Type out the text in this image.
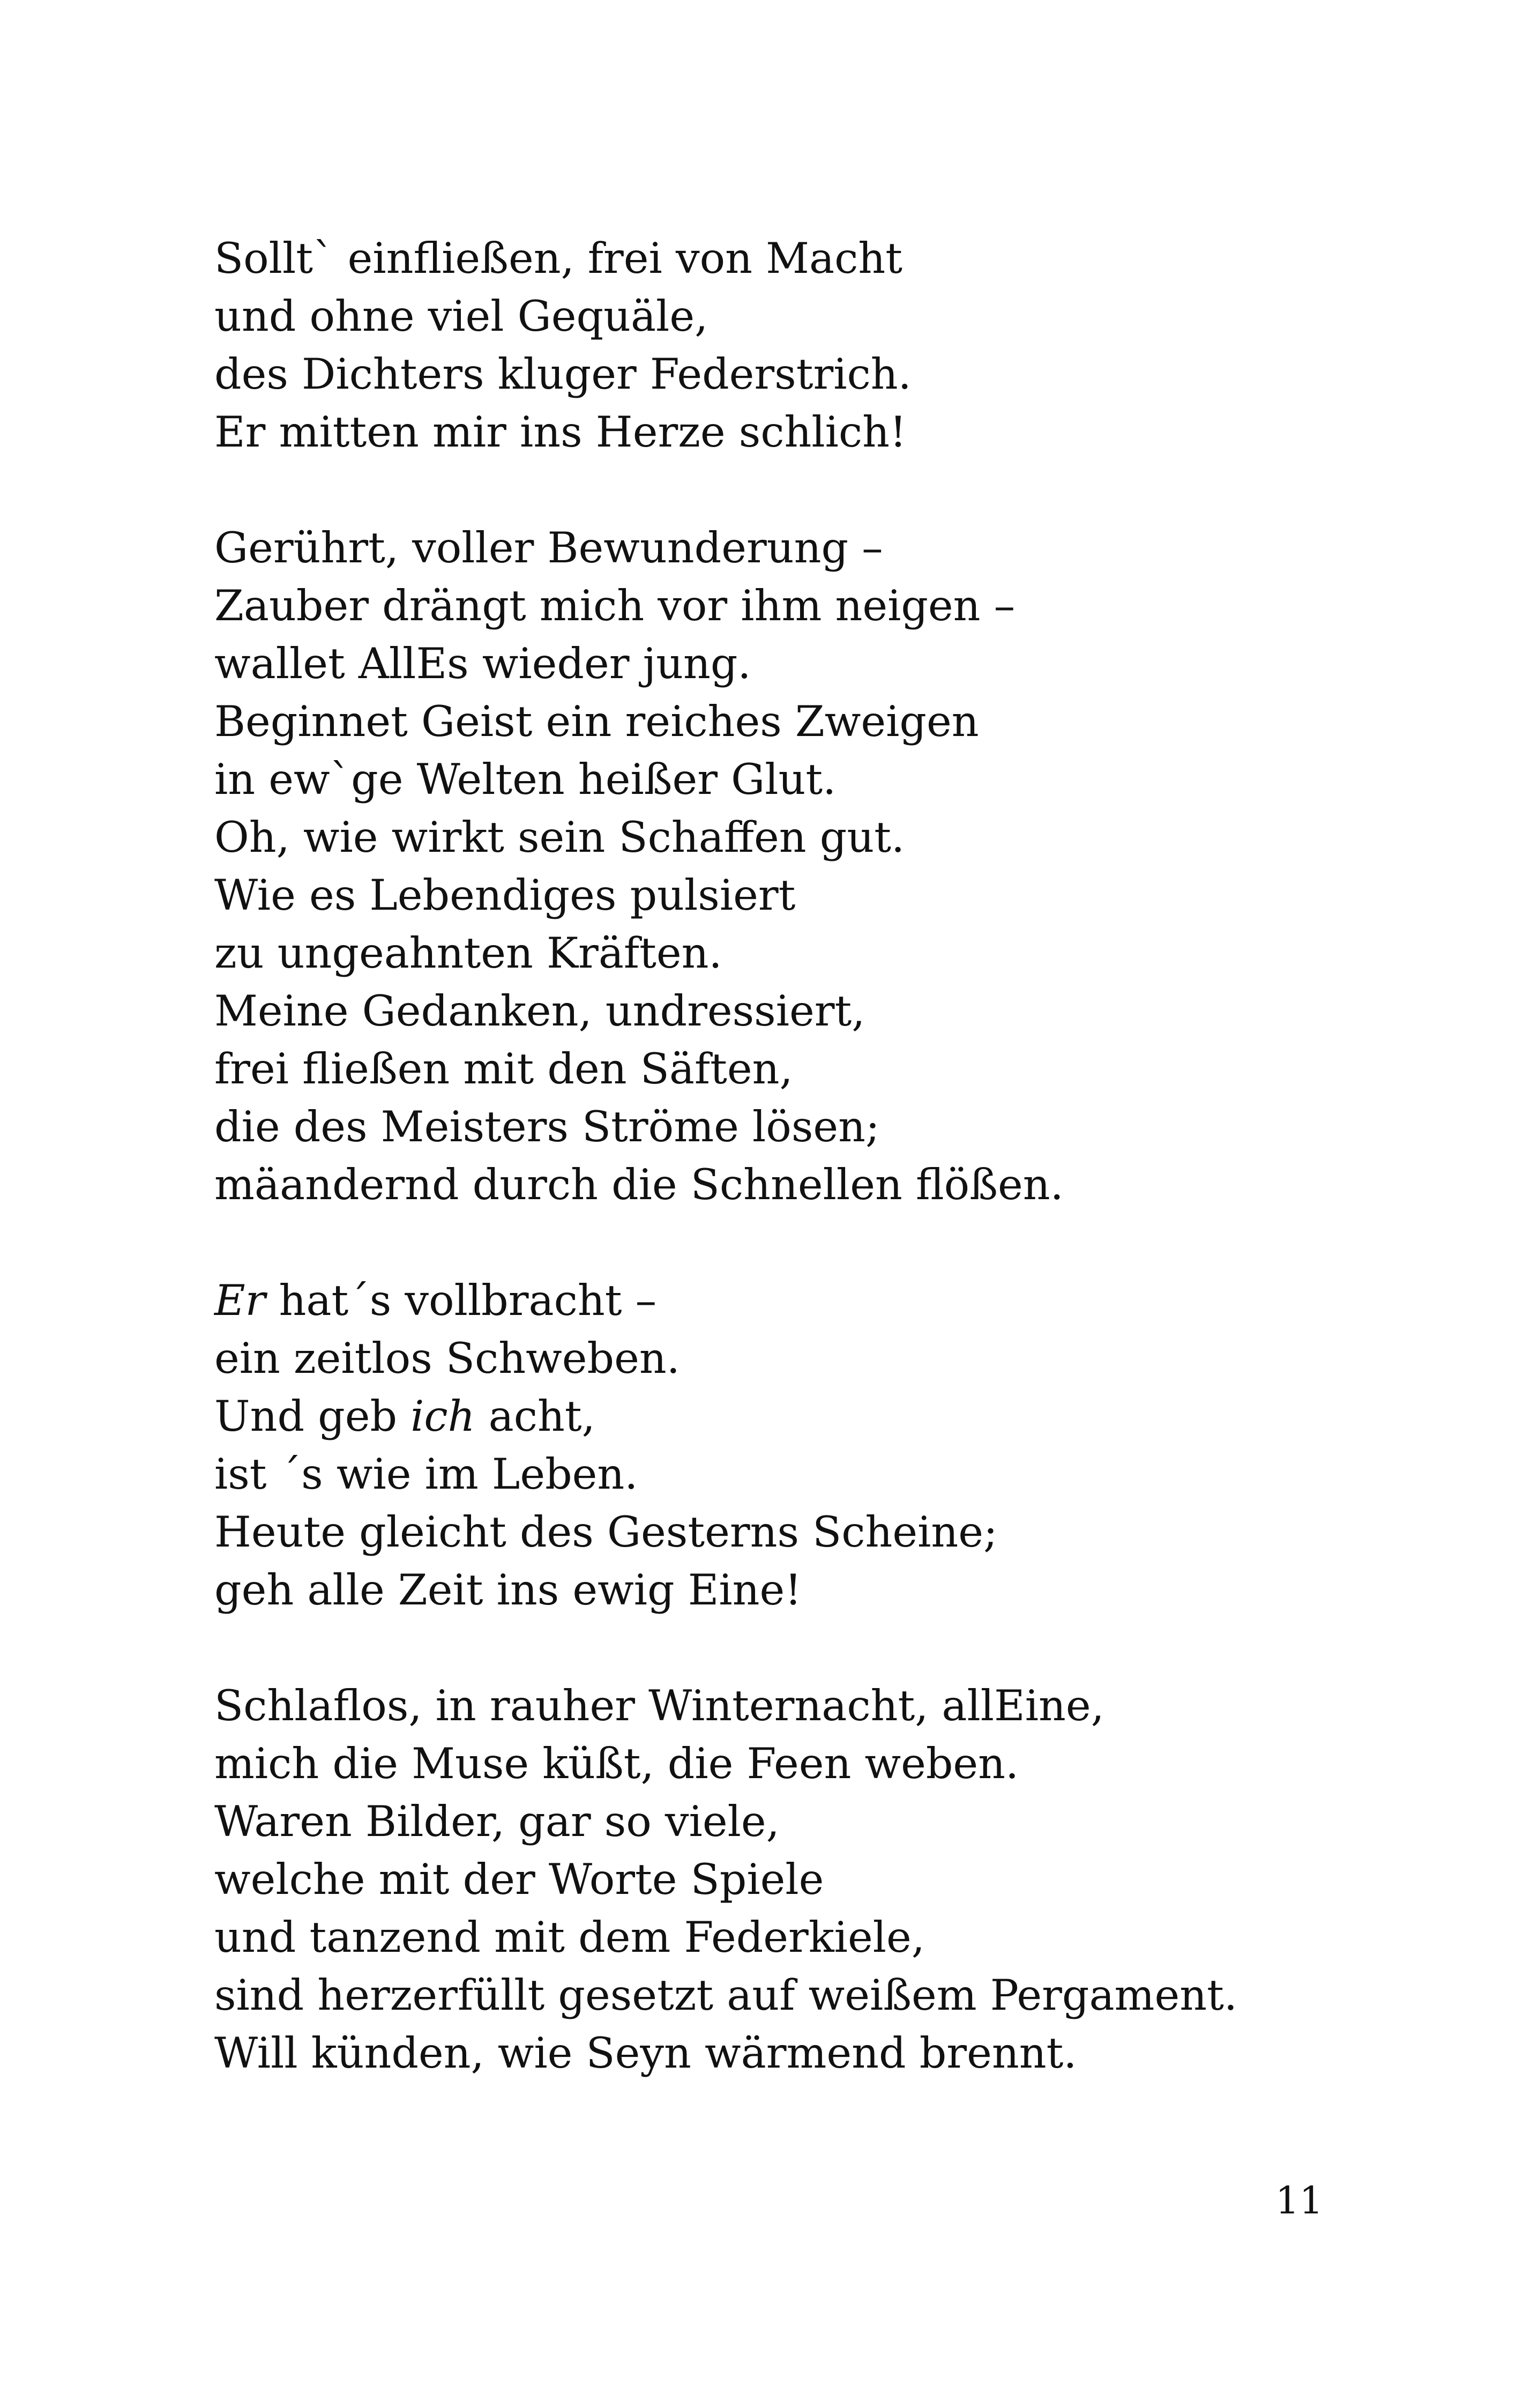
Sollt` einfließen, frei von Macht
und ohne viel Gequäle,
des Dichters kluger Federstrich.
Er mitten mir ins Herze schlich!
Gerührt, voller Bewunderung –
Zauber drängt mich vor ihm neigen –
wallet AllEs wieder jung.
Beginnet Geist ein reiches Zweigen
in ew`ge Welten heißer Glut.
Oh, wie wirkt sein Schaffen gut.
Wie es Lebendiges pulsiert
zu ungeahnten Kräften.
Meine Gedanken, undressiert,
frei fließen mit den Säften,
die des Meisters Ströme lösen;
mäandernd durch die Schnellen flößen.
Er hat´s vollbracht –
ein zeitlos Schweben.
Und geb ich acht,
ist ´s wie im Leben.
Heute gleicht des Gesterns Scheine;
geh alle Zeit ins ewig Eine!
Schlaflos, in rauher Winternacht, allEine,
mich die Muse küßt, die Feen weben.
Waren Bilder, gar so viele,
welche mit der Worte Spiele
und tanzend mit dem Federkiele,
sind herzerfüllt gesetzt auf weißem Pergament.
Will künden, wie Seyn wärmend brennt.
11
